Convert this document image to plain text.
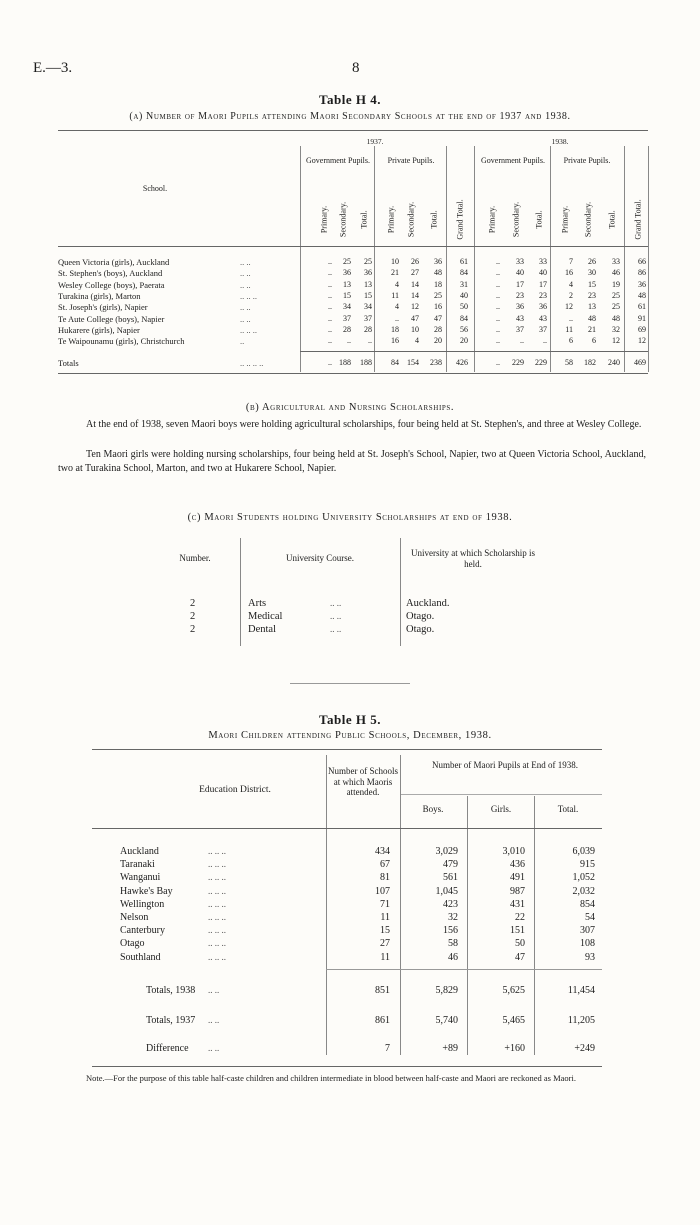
E.—3.	8
Table H 4.
(a) Number of Maori Pupils attending Maori Secondary Schools at the end of 1937 and 1938.
1937.	1938.
School.
Government Pupils.	Private Pupils.	Government Pupils.	Private Pupils.
Primary. Secondary. Total. Primary. Secondary. Total. Grand Total.	Primary. Secondary. Total. Primary. Secondary. Total. Grand Total.
Queen Victoria (girls), Auckland	.. ..	..	25	25	10	26	36	61	..	33	33	7	26	33	66
St. Stephen's (boys), Auckland	.. ..	..	36	36	21	27	48	84	..	40	40	16	30	46	86
Wesley College (boys), Paerata	.. ..	..	13	13	4	14	18	31	..	17	17	4	15	19	36
Turakina (girls), Marton	.. .. ..	..	15	15	11	14	25	40	..	23	23	2	23	25	48
St. Joseph's (girls), Napier	.. ..	..	34	34	4	12	16	50	..	36	36	12	13	25	61
Te Aute College (boys), Napier	.. ..	..	37	37	..	47	47	84	..	43	43	..	48	48	91
Hukarere (girls), Napier	.. .. ..	..	28	28	18	10	28	56	..	37	37	11	21	32	69
Te Waipounamu (girls), Christchurch	..	..	..	..	16	4	20	20	..	..	..	6	6	12	12
Totals	.. .. .. ..	.. 188	188	84	154	238	426	..	229	229	58	182	240	469
(b) Agricultural and Nursing Scholarships.
At the end of 1938, seven Maori boys were holding agricultural scholarships, four being held at St. Stephen's, and three at Wesley College.
Ten Maori girls were holding nursing scholarships, four being held at St. Joseph's School, Napier, two at Queen Victoria School, Auckland, two at Turakina School, Marton, and two at Hukarere School, Napier.
(c) Maori Students holding University Scholarships at end of 1938.
Number.	University Course.	University at which Scholarship is held.
2	Arts	.. ..	Auckland.
2	Medical	.. ..	Otago.
2	Dental	.. ..	Otago.
Table H 5.
Maori Children attending Public Schools, December, 1938.
Education District.
Number of Schools at which Maoris attended.
Number of Maori Pupils at End of 1938.
Boys.	Girls.	Total.
Auckland	.. .. ..	434	3,029	3,010	6,039
Taranaki	.. .. ..	67	479	436	915
Wanganui	.. .. ..	81	561	491	1,052
Hawke's Bay	.. .. ..	107	1,045	987	2,032
Wellington	.. .. ..	71	423	431	854
Nelson	.. .. ..	11	32	22	54
Canterbury	.. .. ..	15	156	151	307
Otago	.. .. ..	27	58	50	108
Southland	.. .. ..	11	46	47	93
Totals, 1938 .. ..	851	5,829	5,625	11,454
Totals, 1937 .. ..	861	5,740	5,465	11,205
Difference .. ..	7	+89	+160	+249
Note.—For the purpose of this table half-caste children and children intermediate in blood between half-caste and Maori are reckoned as Maori.
